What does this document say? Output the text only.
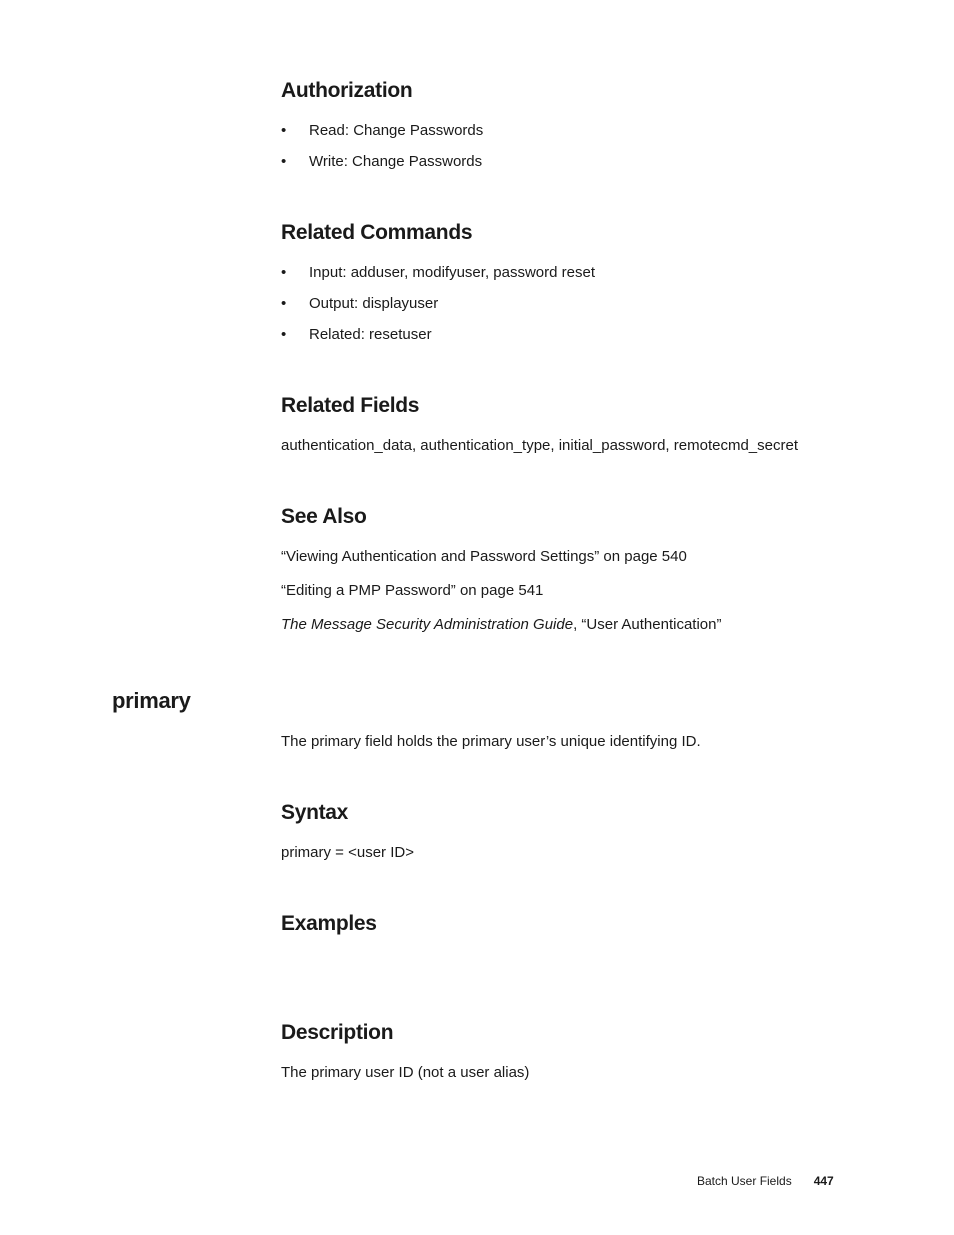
Authorization
• Read: Change Passwords
• Write: Change Passwords
Related Commands
• Input: adduser, modifyuser, password reset
• Output: displayuser
• Related: resetuser
Related Fields

authentication_data, authentication_type, initial_password, remotecmd_secret

See Also

“Viewing Authentication and Password Settings” on page 540

“Editing a PMP Password” on page 541

The Message Security Administration Guide, “User Authentication”

primary

The primary field holds the primary user’s unique identifying ID.

Syntax

primary = <user ID>

Examples
Description

The primary user ID (not a user alias)

Batch User Fields 447
